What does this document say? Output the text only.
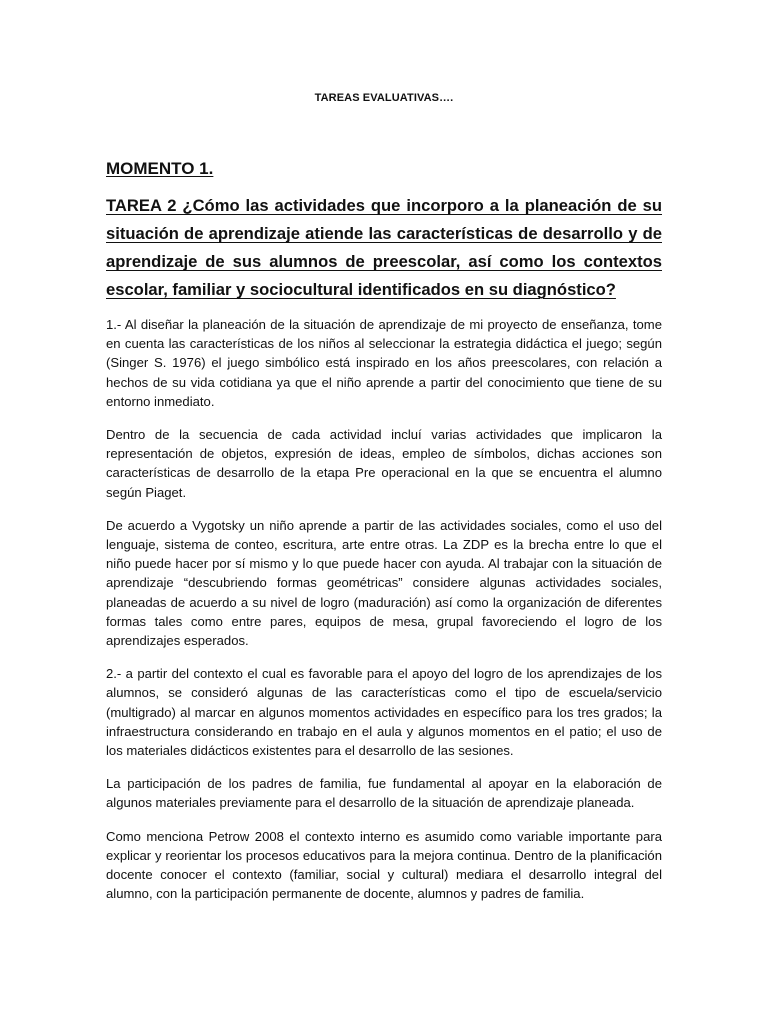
TAREAS EVALUATIVAS….

MOMENTO 1.

TAREA 2 ¿Cómo las actividades que incorporo a la planeación de su situación de aprendizaje atiende las características de desarrollo y de aprendizaje de sus alumnos de preescolar, así como los contextos escolar, familiar y sociocultural identificados en su diagnóstico?

1.- Al diseñar la planeación de la situación de aprendizaje de mi proyecto de enseñanza, tome en cuenta las características de los niños al seleccionar la estrategia didáctica el juego; según (Singer S. 1976) el juego simbólico está inspirado en los años preescolares, con relación a hechos de su vida cotidiana ya que el niño aprende a partir del conocimiento que tiene de su entorno inmediato.

Dentro de la secuencia de cada actividad incluí varias actividades que implicaron la representación de objetos, expresión de ideas, empleo de símbolos, dichas acciones son características de desarrollo de la etapa Pre operacional en la que se encuentra el alumno según Piaget.

De acuerdo a Vygotsky un niño aprende a partir de las actividades sociales, como el uso del lenguaje, sistema de conteo, escritura, arte entre otras. La ZDP es la brecha entre lo que el niño puede hacer por sí mismo y lo que puede hacer con ayuda. Al trabajar con la situación de aprendizaje “descubriendo formas geométricas” considere algunas actividades sociales, planeadas de acuerdo a su nivel de logro (maduración) así como la organización de diferentes formas tales como entre pares, equipos de mesa, grupal favoreciendo el logro de los aprendizajes esperados.

2.- a partir del contexto el cual es favorable para el apoyo del logro de los aprendizajes de los alumnos, se consideró algunas de las características como el tipo de escuela/servicio (multigrado) al marcar en algunos momentos actividades en específico para los tres grados; la infraestructura considerando en trabajo en el aula y algunos momentos en el patio; el uso de los materiales didácticos existentes para el desarrollo de las sesiones.

La participación de los padres de familia, fue fundamental al apoyar en la elaboración de algunos materiales previamente para el desarrollo de la situación de aprendizaje planeada.

Como menciona Petrow 2008 el contexto interno es asumido como variable importante para explicar y reorientar los procesos educativos para la mejora continua. Dentro de la planificación docente conocer el contexto (familiar, social y cultural) mediara el desarrollo integral del alumno, con la participación permanente de docente, alumnos y padres de familia.
